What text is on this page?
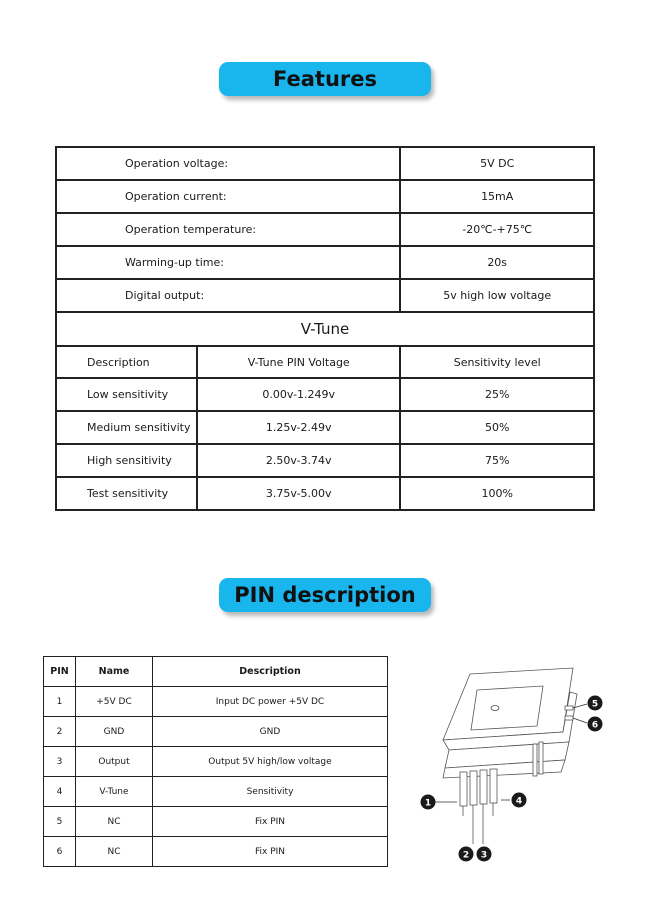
Features
Operation voltage:		5V DC
Operation current:		15mA
Operation temperature:		-20℃-+75℃
Warming-up time:		20s
Digital output:		5v high low voltage
V-Tune		
Description	V-Tune PIN Voltage	Sensitivity level
Low sensitivity	0.00v-1.249v	25%
Medium sensitivity	1.25v-2.49v	50%
High sensitivity	2.50v-3.74v	75%
Test sensitivity	3.75v-5.00v	100%
PIN description
PIN	Name	Description
1	+5V DC	Input DC power +5V DC
2	GND	GND
3	Output	Output 5V high/low voltage
4	V-Tune	Sensitivity
5	NC	Fix PIN
6	NC	Fix PIN
1
2 3
4
5
6
